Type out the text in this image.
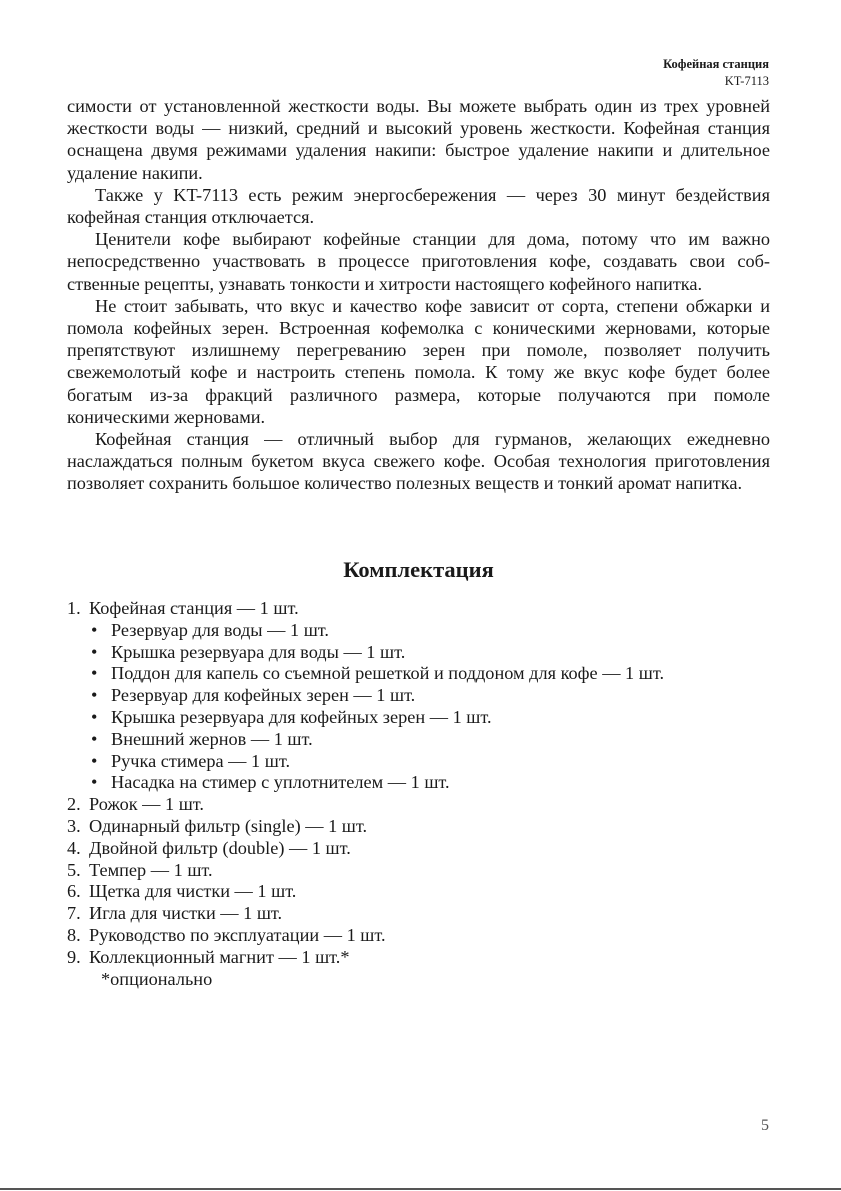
Кофейная станция
KT-7113

симости от установленной жесткости воды. Вы можете выбрать один из трех уровней жесткости воды — низкий, средний и высокий уровень жесткости. Кофейная станция оснащена двумя режимами удаления накипи: быстрое удаление накипи и длительное удаление накипи.

Также у KT-7113 есть режим энергосбережения — через 30 минут бездействия кофейная станция отключается.

Ценители кофе выбирают кофейные станции для дома, потому что им важно непосредственно участвовать в процессе приготовления кофе, создавать свои собственные рецепты, узнавать тонкости и хитрости настоящего кофейного напитка.

Не стоит забывать, что вкус и качество кофе зависит от сорта, степени обжарки и помола кофейных зерен. Встроенная кофемолка с коническими жерновами, которые препятствуют излишнему перегреванию зерен при помоле, позволяет получить свежемолотый кофе и настроить степень помола. К тому же вкус кофе будет более богатым из-за фракций различного размера, которые получаются при помоле коническими жерновами.

Кофейная станция — отличный выбор для гурманов, желающих ежедневно наслаждаться полным букетом вкуса свежего кофе. Особая технология приготовления позволяет сохранить большое количество полезных веществ и тонкий аромат напитка.

Комплектация
1. Кофейная станция — 1 шт.
• Резервуар для воды — 1 шт.
• Крышка резервуара для воды — 1 шт.
• Поддон для капель со съемной решеткой и поддоном для кофе — 1 шт.
• Резервуар для кофейных зерен — 1 шт.
• Крышка резервуара для кофейных зерен — 1 шт.
• Внешний жернов — 1 шт.
• Ручка стимера — 1 шт.
• Насадка на стимер с уплотнителем — 1 шт.
2. Рожок — 1 шт.
3. Одинарный фильтр (single) — 1 шт.
4. Двойной фильтр (double) — 1 шт.
5. Темпер — 1 шт.
6. Щетка для чистки — 1 шт.
7. Игла для чистки — 1 шт.
8. Руководство по эксплуатации — 1 шт.
9. Коллекционный магнит — 1 шт.*
*опционально
5
